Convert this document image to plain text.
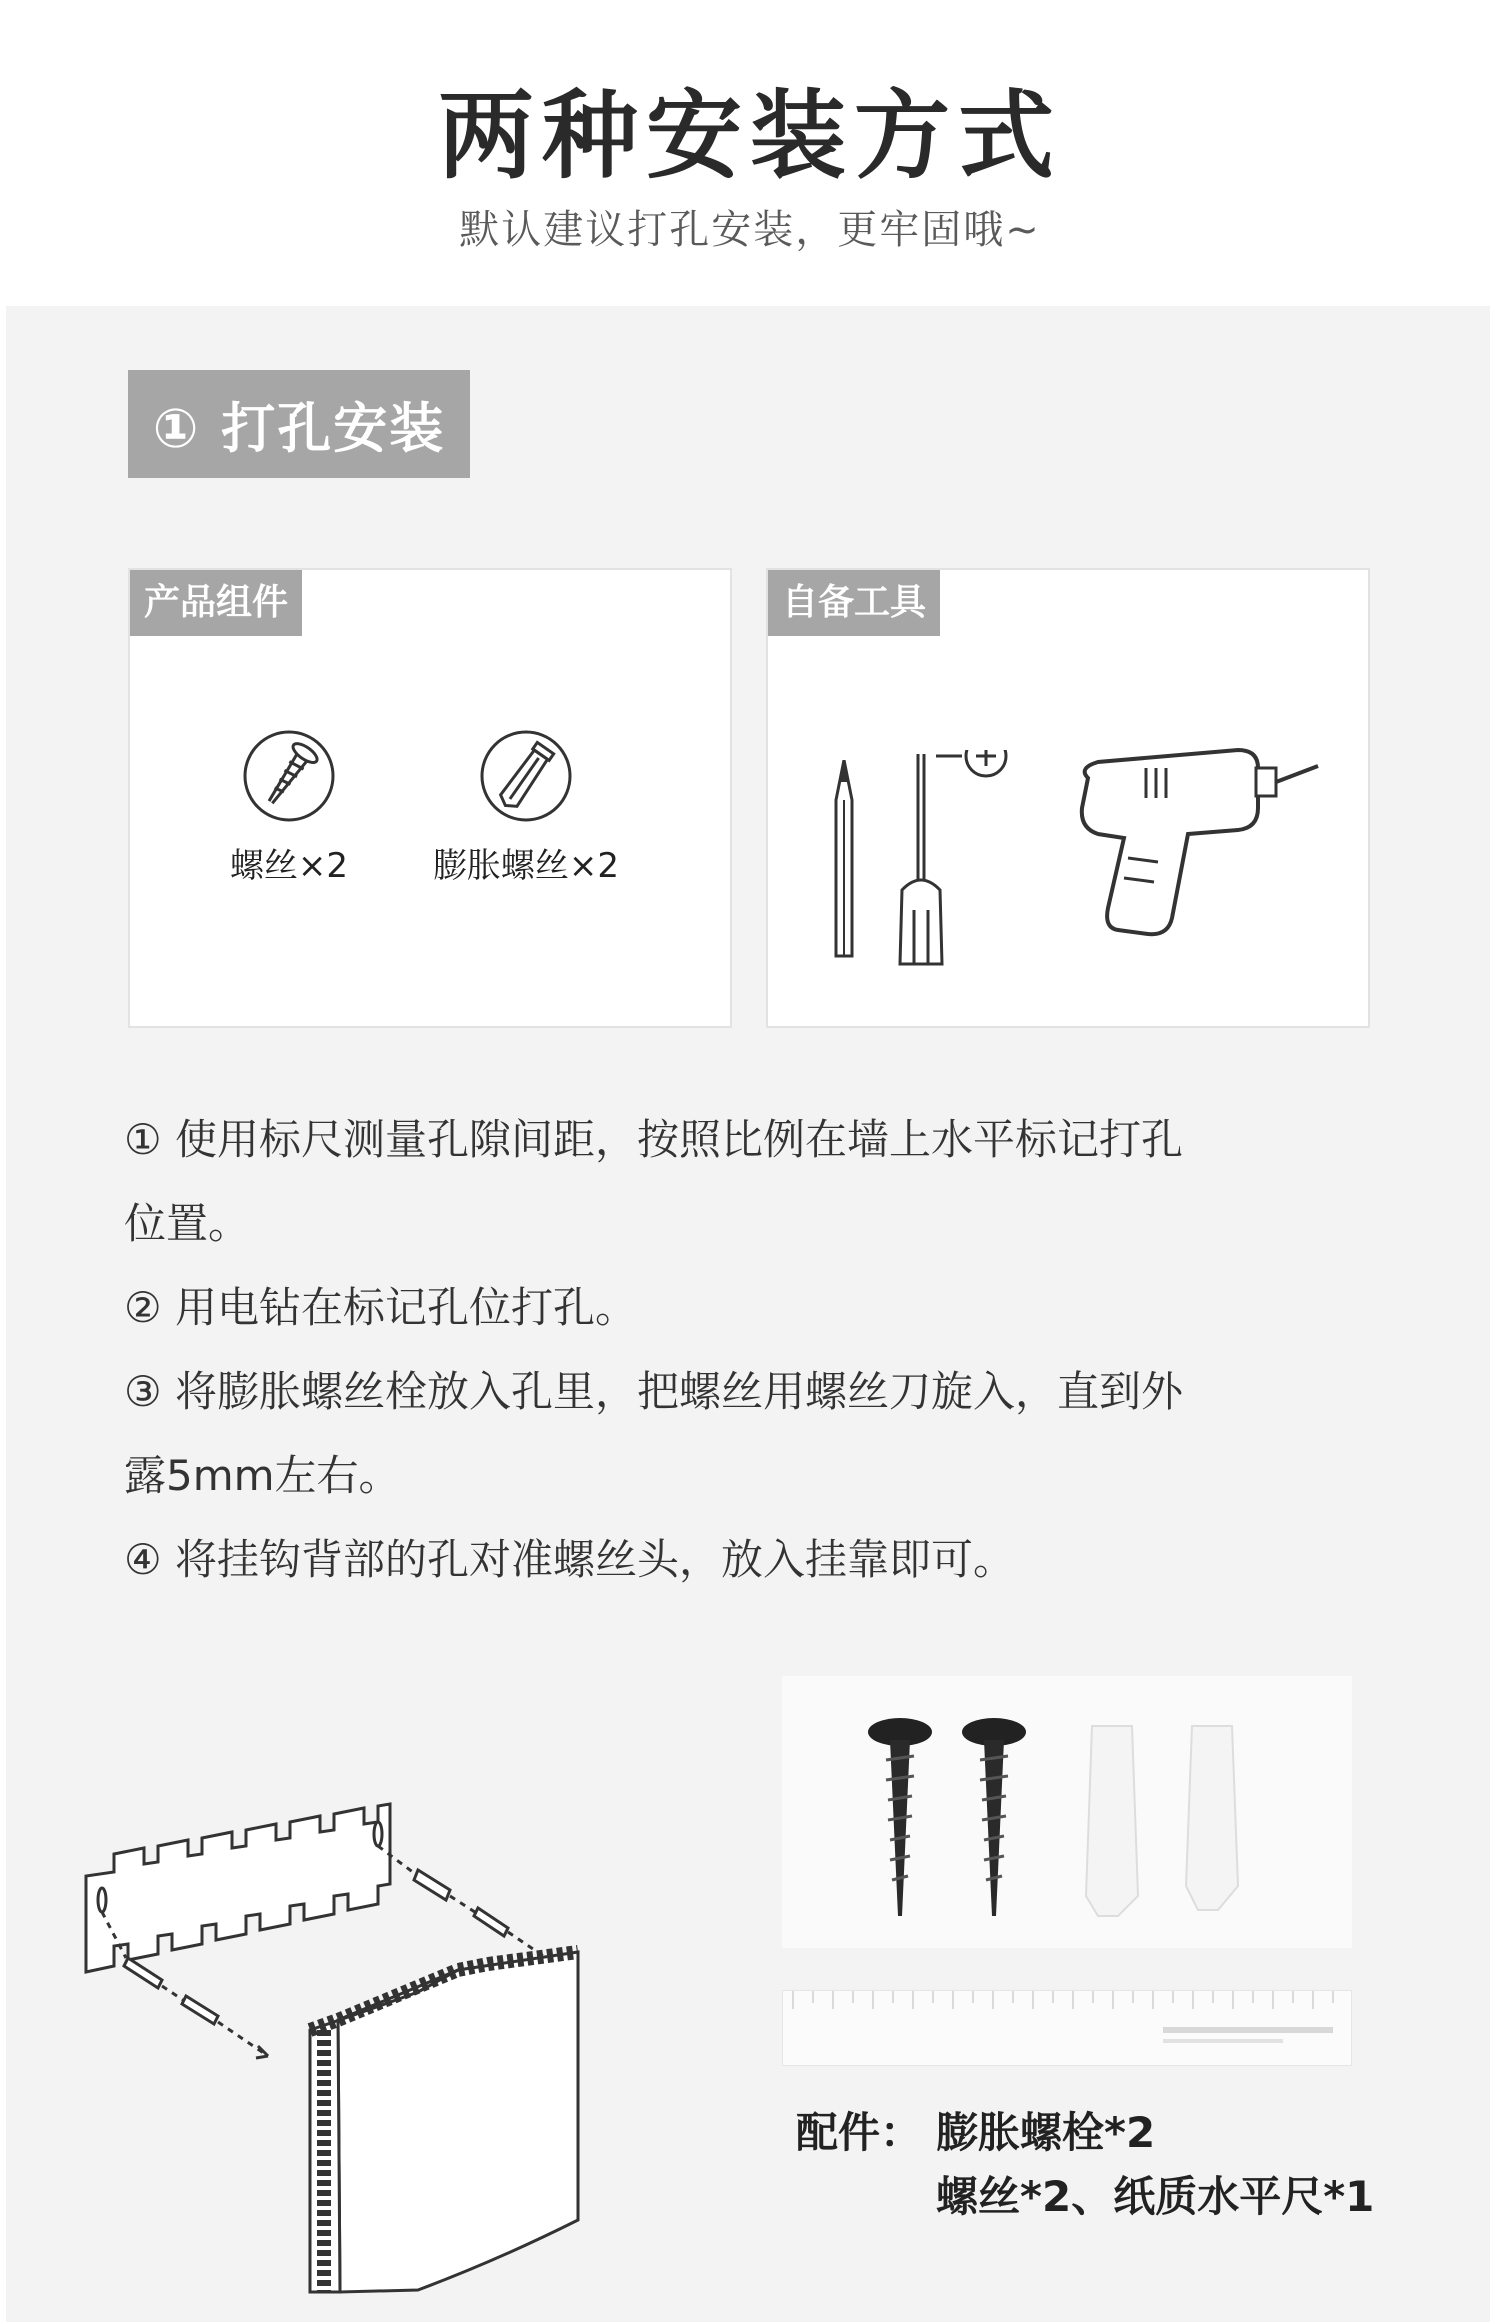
两种安装方式
默认建议打孔安装，更牢固哦~
① 打孔安装
产品组件
螺丝×2 膨胀螺丝×2
自备工具

① 使用标尺测量孔隙间距，按照比例在墙上水平标记打孔

位置。

② 用电钻在标记孔位打孔。

③ 将膨胀螺丝栓放入孔里，把螺丝用螺丝刀旋入，直到外

露5mm左右。

④ 将挂钩背部的孔对准螺丝头，放入挂靠即可。

配件： 膨胀螺栓*2
螺丝*2、纸质水平尺*1
